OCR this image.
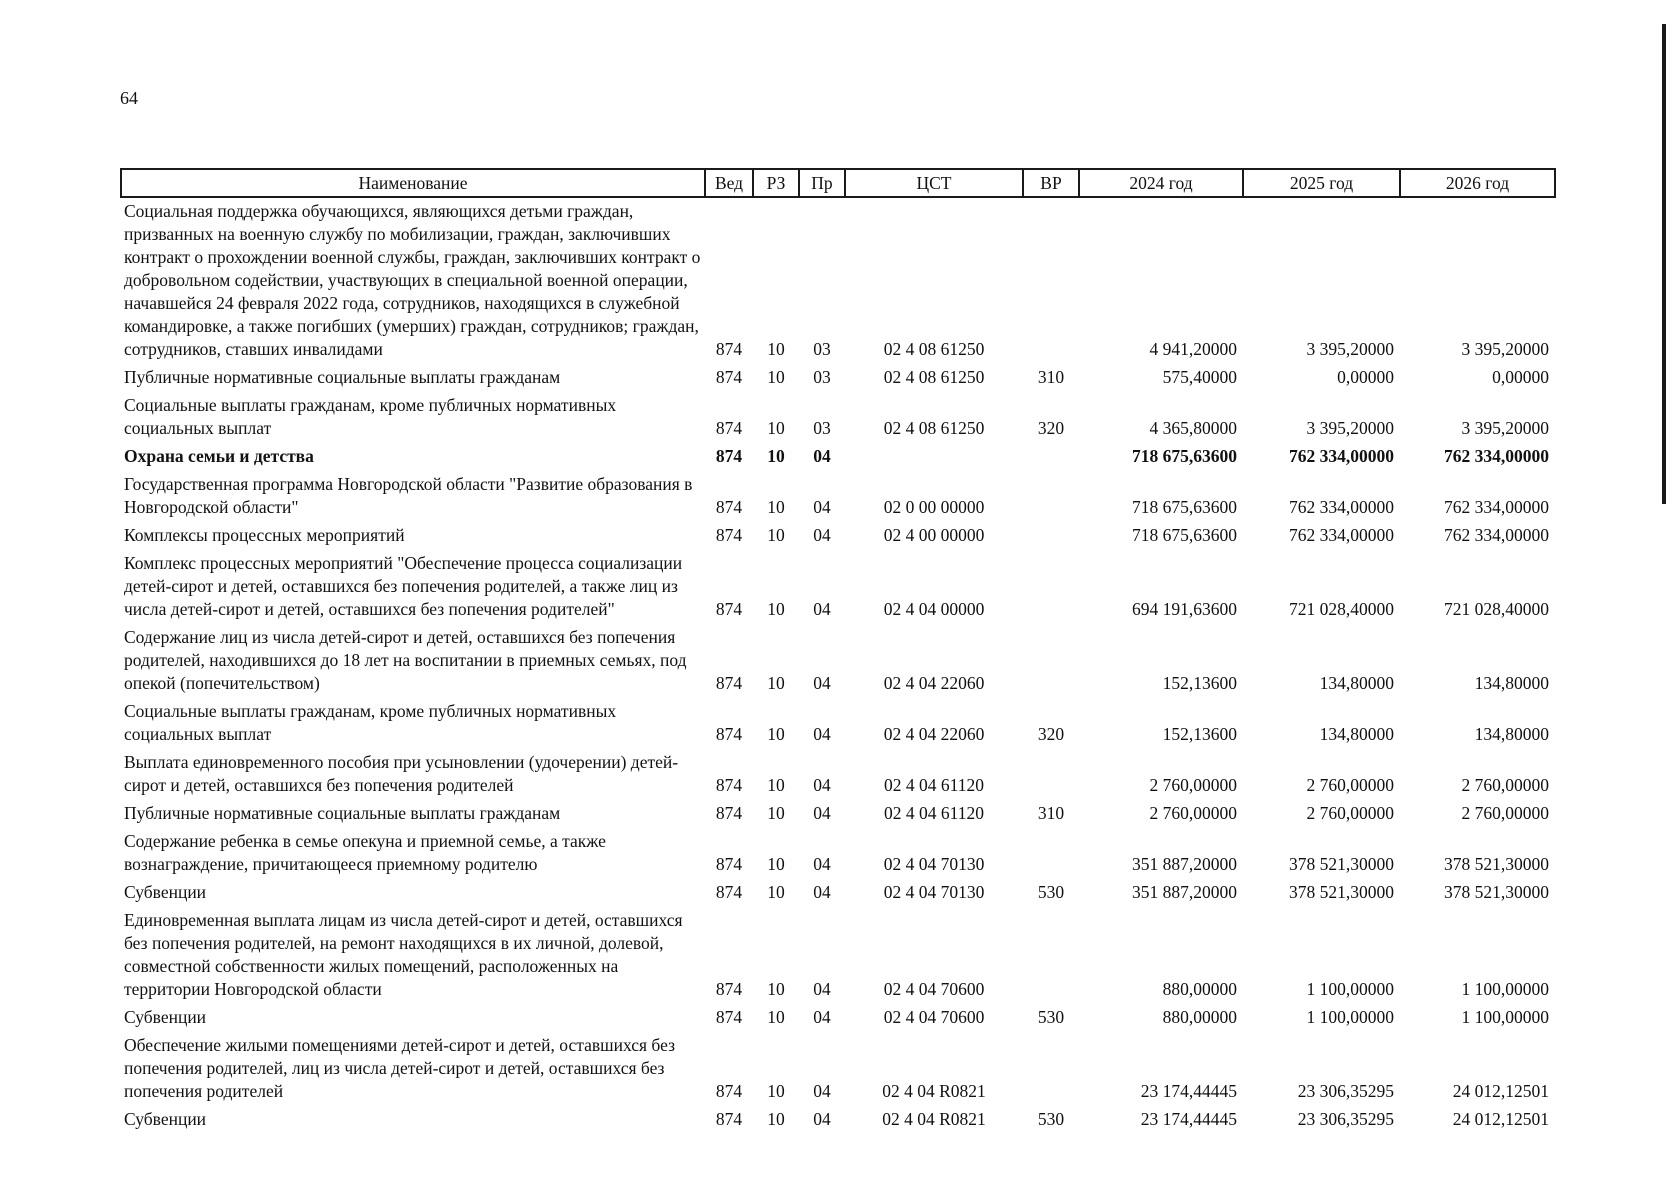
64
Наименование	Вед	РЗ	Пр	ЦСТ	ВР	2024 год	2025 год	2026 год
Социальная поддержка обучающихся, являющихся детьми граждан, призванных на военную службу по мобилизации, граждан, заключивших контракт о прохождении военной службы, граждан, заключивших контракт о добровольном содействии, участвующих в специальной военной операции, начавшейся 24 февраля 2022 года, сотрудников, находящихся в служебной командировке, а также погибших (умерших) граждан, сотрудников; граждан, сотрудников, ставших инвалидами	874	10	03	02 4 08 61250		4 941,20000	3 395,20000	3 395,20000
Публичные нормативные социальные выплаты гражданам	874	10	03	02 4 08 61250	310	575,40000	0,00000	0,00000
Социальные выплаты гражданам, кроме публичных нормативных социальных выплат	874	10	03	02 4 08 61250	320	4 365,80000	3 395,20000	3 395,20000
Охрана семьи и детства	874	10	04			718 675,63600	762 334,00000	762 334,00000
Государственная программа Новгородской области "Развитие образования в Новгородской области"	874	10	04	02 0 00 00000		718 675,63600	762 334,00000	762 334,00000
Комплексы процессных мероприятий	874	10	04	02 4 00 00000		718 675,63600	762 334,00000	762 334,00000
Комплекс процессных мероприятий "Обеспечение процесса социализации детей-сирот и детей, оставшихся без попечения родителей, а также лиц из числа детей-сирот и детей, оставшихся без попечения родителей"	874	10	04	02 4 04 00000		694 191,63600	721 028,40000	721 028,40000
Содержание лиц из числа детей-сирот и детей, оставшихся без попечения родителей, находившихся до 18 лет на воспитании в приемных семьях, под опекой (попечительством)	874	10	04	02 4 04 22060		152,13600	134,80000	134,80000
Социальные выплаты гражданам, кроме публичных нормативных социальных выплат	874	10	04	02 4 04 22060	320	152,13600	134,80000	134,80000
Выплата единовременного пособия при усыновлении (удочерении) детей-сирот и детей, оставшихся без попечения родителей	874	10	04	02 4 04 61120		2 760,00000	2 760,00000	2 760,00000
Публичные нормативные социальные выплаты гражданам	874	10	04	02 4 04 61120	310	2 760,00000	2 760,00000	2 760,00000
Содержание ребенка в семье опекуна и приемной семье, а также вознаграждение, причитающееся приемному родителю	874	10	04	02 4 04 70130		351 887,20000	378 521,30000	378 521,30000
Субвенции	874	10	04	02 4 04 70130	530	351 887,20000	378 521,30000	378 521,30000
Единовременная выплата лицам из числа детей-сирот и детей, оставшихся без попечения родителей, на ремонт находящихся в их личной, долевой, совместной собственности жилых помещений, расположенных на территории Новгородской области	874	10	04	02 4 04 70600		880,00000	1 100,00000	1 100,00000
Субвенции	874	10	04	02 4 04 70600	530	880,00000	1 100,00000	1 100,00000
Обеспечение жилыми помещениями детей-сирот и детей, оставшихся без попечения родителей, лиц из числа детей-сирот и детей, оставшихся без попечения родителей	874	10	04	02 4 04 R0821		23 174,44445	23 306,35295	24 012,12501
Субвенции	874	10	04	02 4 04 R0821	530	23 174,44445	23 306,35295	24 012,12501
